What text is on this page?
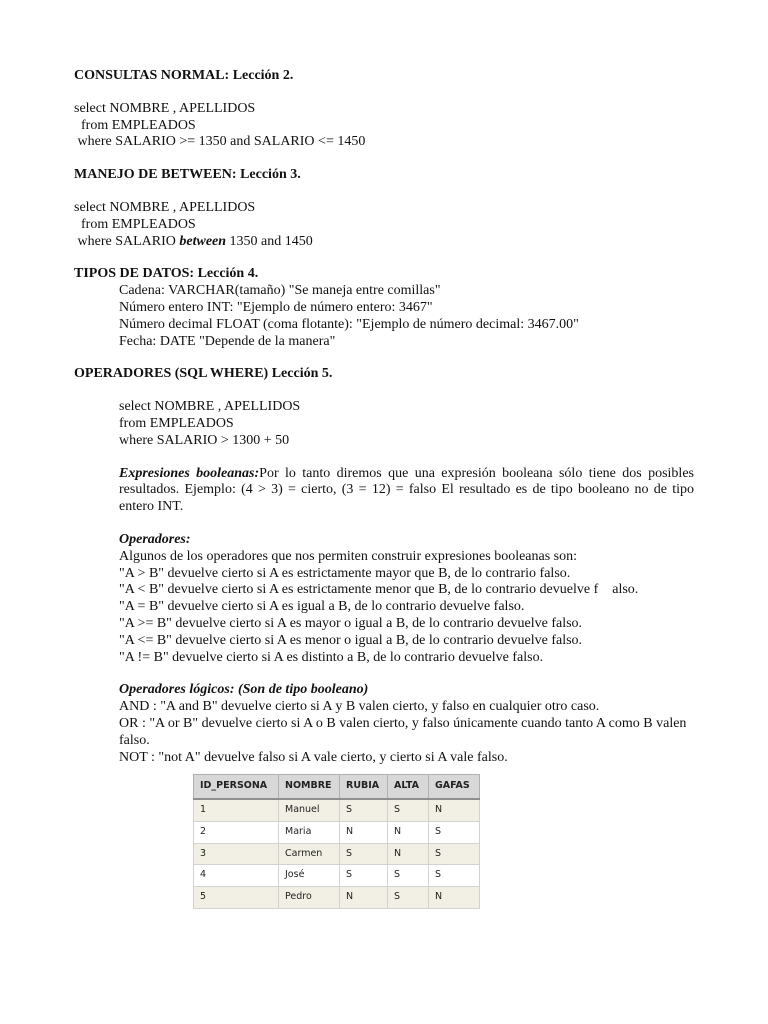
CONSULTAS NORMAL: Lección 2.

select NOMBRE , APELLIDOS

from EMPLEADOS

where SALARIO >= 1350 and SALARIO <= 1450

MANEJO DE BETWEEN: Lección 3.

select NOMBRE , APELLIDOS

from EMPLEADOS

where SALARIO between 1350 and 1450

TIPOS DE DATOS: Lección 4.

Cadena: VARCHAR(tamaño) "Se maneja entre comillas"

Número entero INT: "Ejemplo de número entero: 3467"

Número decimal FLOAT (coma flotante): "Ejemplo de número decimal: 3467.00"

Fecha: DATE "Depende de la manera"

OPERADORES (SQL WHERE) Lección 5.

select NOMBRE , APELLIDOS

from EMPLEADOS

where SALARIO > 1300 + 50

Expresiones booleanas:Por lo tanto diremos que una expresión booleana sólo tiene dos posibles resultados. Ejemplo: (4 > 3) = cierto, (3 = 12) = falso El resultado es de tipo booleano no de tipo entero INT.

Operadores:

Algunos de los operadores que nos permiten construir expresiones booleanas son:

"A > B" devuelve cierto si A es estrictamente mayor que B, de lo contrario falso.

"A < B" devuelve cierto si A es estrictamente menor que B, de lo contrario devuelve f    also.

"A = B" devuelve cierto si A es igual a B, de lo contrario devuelve falso.

"A >= B" devuelve cierto si A es mayor o igual a B, de lo contrario devuelve falso.

"A <= B" devuelve cierto si A es menor o igual a B, de lo contrario devuelve falso.

"A != B" devuelve cierto si A es distinto a B, de lo contrario devuelve falso.

Operadores lógicos: (Son de tipo booleano)

AND : "A and B" devuelve cierto si A y B valen cierto, y falso en cualquier otro caso.

OR : "A or B" devuelve cierto si A o B valen cierto, y falso únicamente cuando tanto A como B valen falso.

NOT : "not A" devuelve falso si A vale cierto, y cierto si A vale falso.

ID_PERSONA	NOMBRE	RUBIA	ALTA	GAFAS
1	Manuel	S	S	N
2	Maria	N	N	S
3	Carmen	S	N	S
4	José	S	S	S
5	Pedro	N	S	N
